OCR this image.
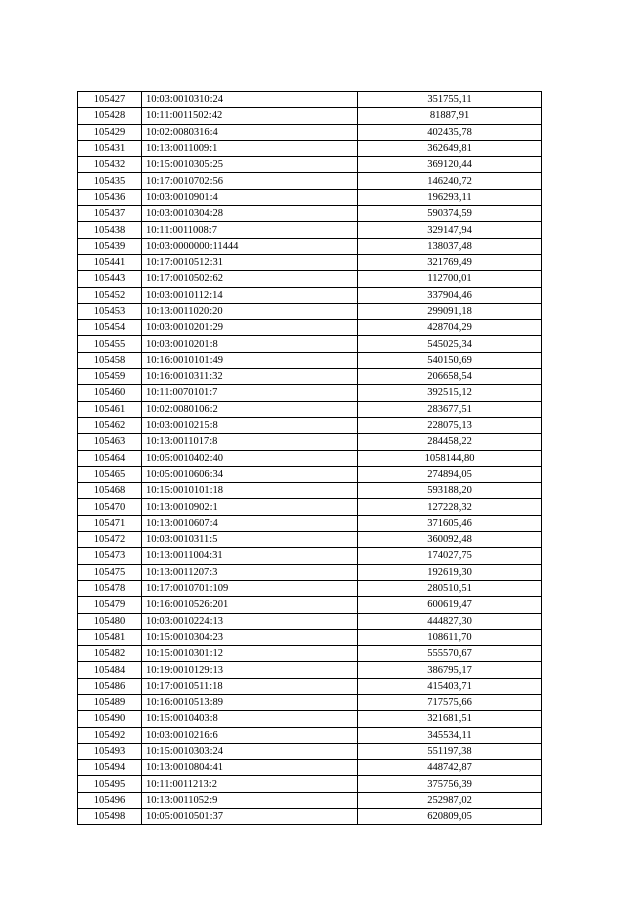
105427	10:03:0010310:24	351755,11
105428	10:11:0011502:42	81887,91
105429	10:02:0080316:4	402435,78
105431	10:13:0011009:1	362649,81
105432	10:15:0010305:25	369120,44
105435	10:17:0010702:56	146240,72
105436	10:03:0010901:4	196293,11
105437	10:03:0010304:28	590374,59
105438	10:11:0011008:7	329147,94
105439	10:03:0000000:11444	138037,48
105441	10:17:0010512:31	321769,49
105443	10:17:0010502:62	112700,01
105452	10:03:0010112:14	337904,46
105453	10:13:0011020:20	299091,18
105454	10:03:0010201:29	428704,29
105455	10:03:0010201:8	545025,34
105458	10:16:0010101:49	540150,69
105459	10:16:0010311:32	206658,54
105460	10:11:0070101:7	392515,12
105461	10:02:0080106:2	283677,51
105462	10:03:0010215:8	228075,13
105463	10:13:0011017:8	284458,22
105464	10:05:0010402:40	1058144,80
105465	10:05:0010606:34	274894,05
105468	10:15:0010101:18	593188,20
105470	10:13:0010902:1	127228,32
105471	10:13:0010607:4	371605,46
105472	10:03:0010311:5	360092,48
105473	10:13:0011004:31	174027,75
105475	10:13:0011207:3	192619,30
105478	10:17:0010701:109	280510,51
105479	10:16:0010526:201	600619,47
105480	10:03:0010224:13	444827,30
105481	10:15:0010304:23	108611,70
105482	10:15:0010301:12	555570,67
105484	10:19:0010129:13	386795,17
105486	10:17:0010511:18	415403,71
105489	10:16:0010513:89	717575,66
105490	10:15:0010403:8	321681,51
105492	10:03:0010216:6	345534,11
105493	10:15:0010303:24	551197,38
105494	10:13:0010804:41	448742,87
105495	10:11:0011213:2	375756,39
105496	10:13:0011052:9	252987,02
105498	10:05:0010501:37	620809,05
